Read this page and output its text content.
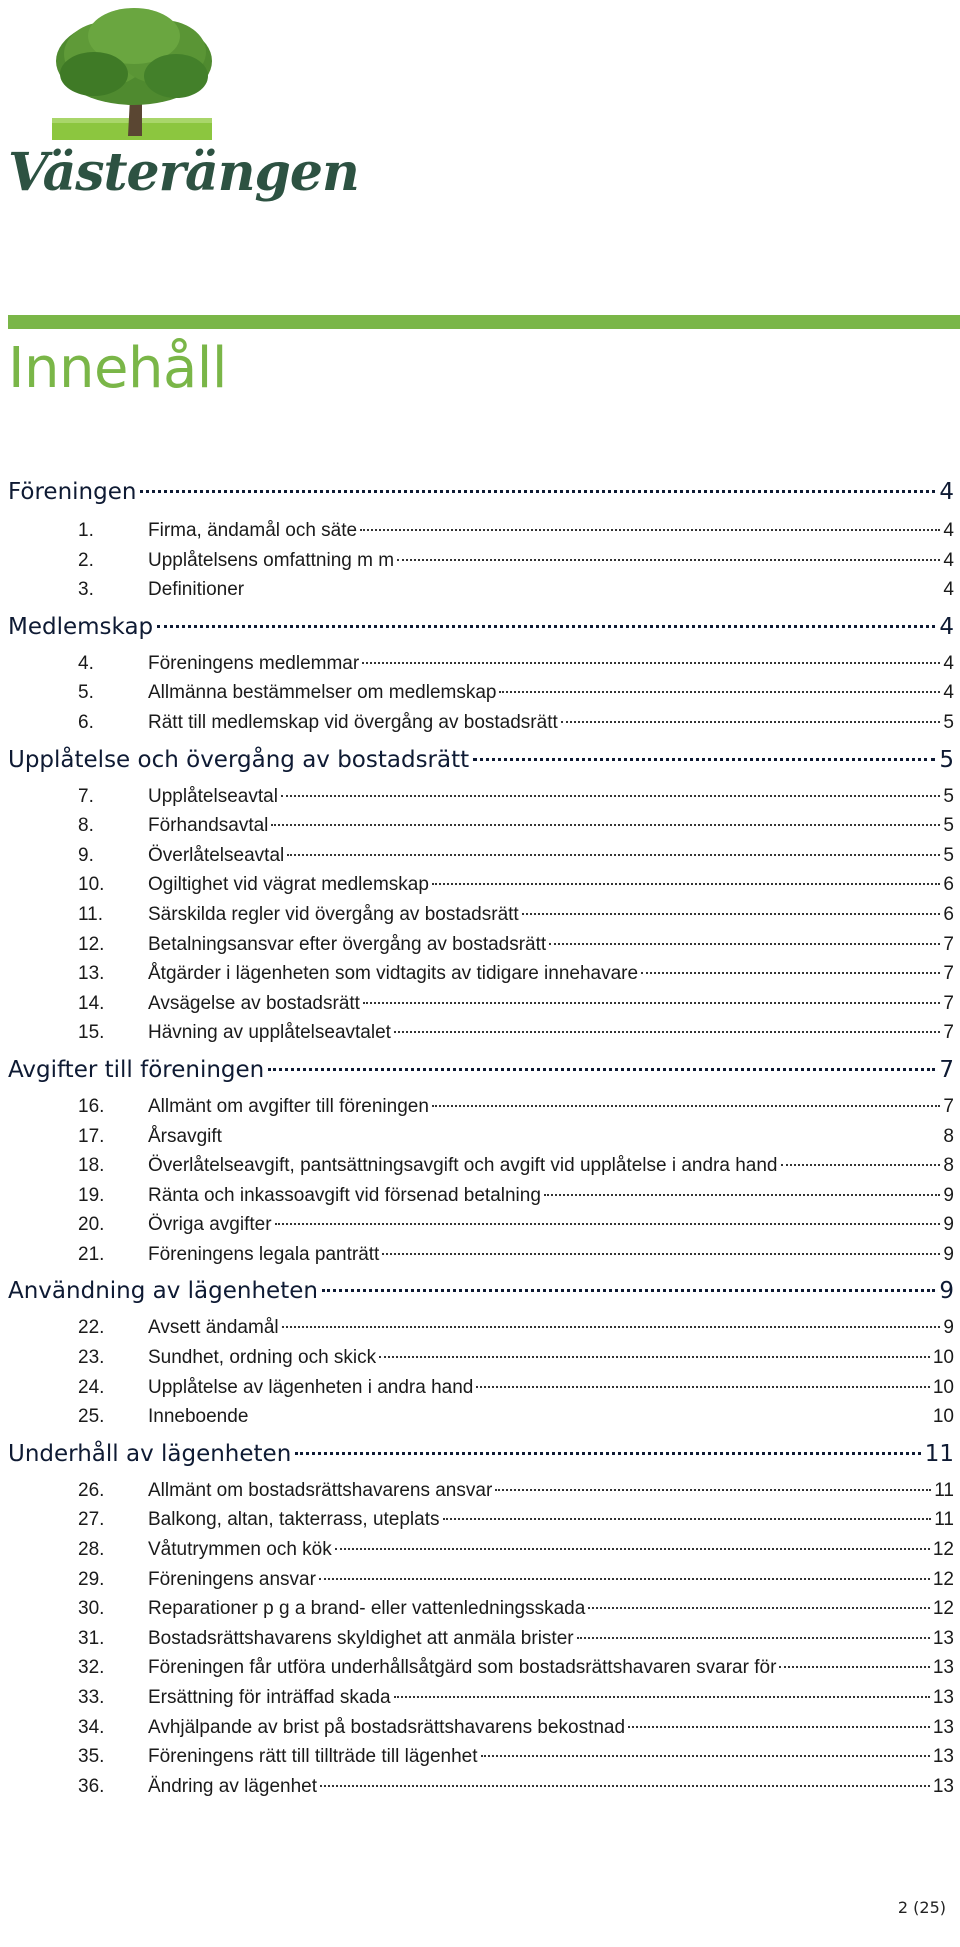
Västerängen
Innehåll
Föreningen	4
1.	Firma, ändamål och säte	4
2.	Upplåtelsens omfattning m m	4
3.	Definitioner	4
Medlemskap	4
4.	Föreningens medlemmar	4
5.	Allmänna bestämmelser om medlemskap	4
6.	Rätt till medlemskap vid övergång av bostadsrätt	5
Upplåtelse och övergång av bostadsrätt	5
7.	Upplåtelseavtal	5
8.	Förhandsavtal	5
9.	Överlåtelseavtal	5
10.	Ogiltighet vid vägrat medlemskap	6
11.	Särskilda regler vid övergång av bostadsrätt	6
12.	Betalningsansvar efter övergång av bostadsrätt	7
13.	Åtgärder i lägenheten som vidtagits av tidigare innehavare	7
14.	Avsägelse av bostadsrätt	7
15.	Hävning av upplåtelseavtalet	7
Avgifter till föreningen	7
16.	Allmänt om avgifter till föreningen	7
17.	Årsavgift	8
18.	Överlåtelseavgift, pantsättningsavgift och avgift vid upplåtelse i andra hand	8
19.	Ränta och inkassoavgift vid försenad betalning	9
20.	Övriga avgifter	9
21.	Föreningens legala panträtt	9
Användning av lägenheten	9
22.	Avsett ändamål	9
23.	Sundhet, ordning och skick	10
24.	Upplåtelse av lägenheten i andra hand	10
25.	Inneboende	10
Underhåll av lägenheten	11
26.	Allmänt om bostadsrättshavarens ansvar	11
27.	Balkong, altan, takterrass, uteplats	11
28.	Våtutrymmen och kök	12
29.	Föreningens ansvar	12
30.	Reparationer p g a brand- eller vattenledningsskada	12
31.	Bostadsrättshavarens skyldighet att anmäla brister	13
32.	Föreningen får utföra underhållsåtgärd som bostadsrättshavaren svarar för	13
33.	Ersättning för inträffad skada	13
34.	Avhjälpande av brist på bostadsrättshavarens bekostnad	13
35.	Föreningens rätt till tillträde till lägenhet	13
36.	Ändring av lägenhet	13
2 (25)
